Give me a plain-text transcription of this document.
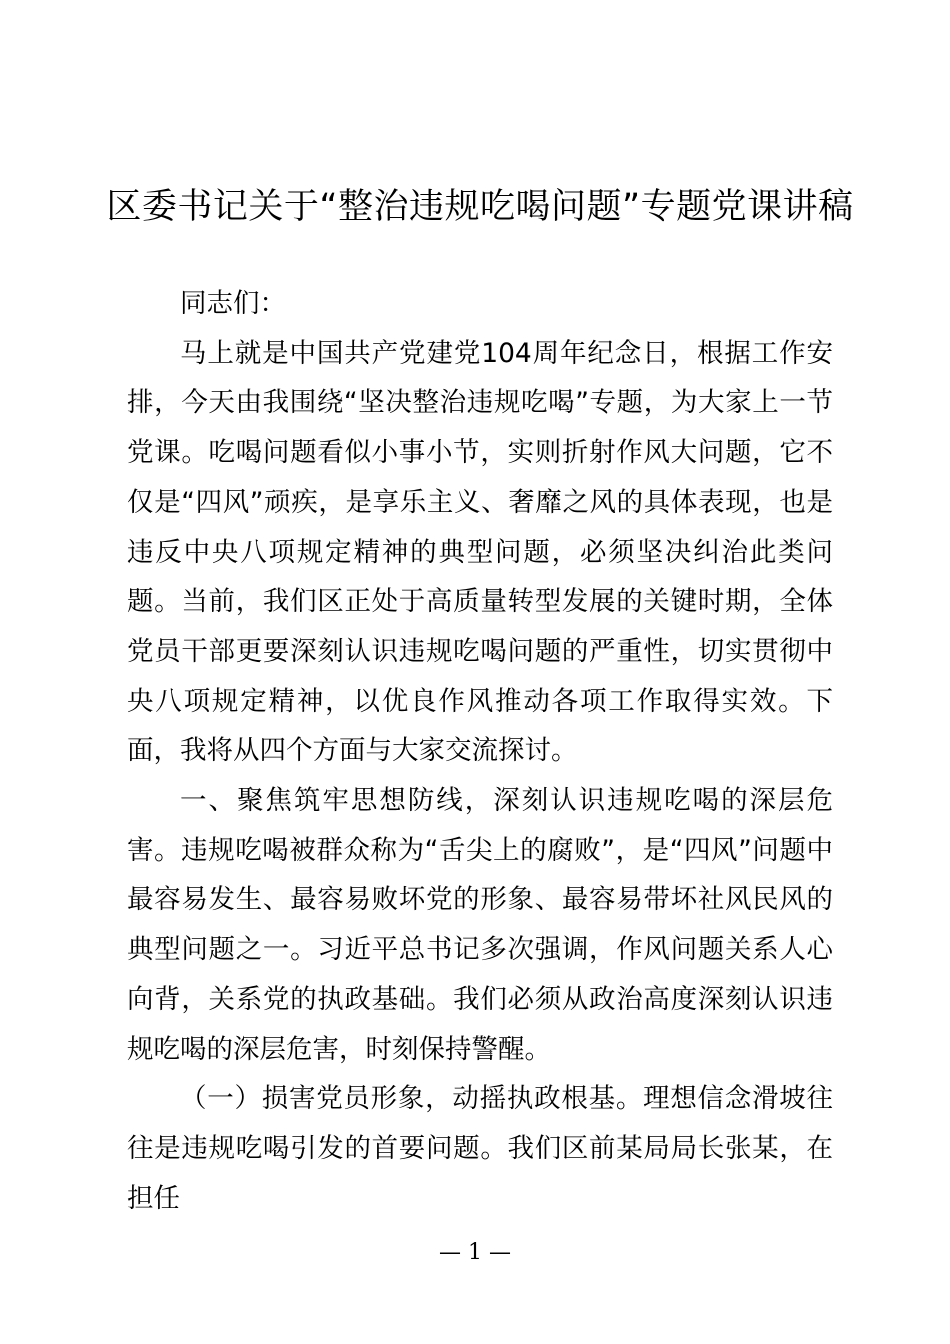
区委书记关于“整治违规吃喝问题”专题党课讲稿

同志们：

马上就是中国共产党建党104周年纪念日，根据工作安排，今天由我围绕“坚决整治违规吃喝”专题，为大家上一节党课。吃喝问题看似小事小节，实则折射作风大问题，它不仅是“四风”顽疾，是享乐主义、奢靡之风的具体表现，也是违反中央八项规定精神的典型问题，必须坚决纠治此类问题。当前，我们区正处于高质量转型发展的关键时期，全体党员干部更要深刻认识违规吃喝问题的严重性，切实贯彻中央八项规定精神，以优良作风推动各项工作取得实效。下面，我将从四个方面与大家交流探讨。

一、聚焦筑牢思想防线，深刻认识违规吃喝的深层危害。违规吃喝被群众称为“舌尖上的腐败”，是“四风”问题中最容易发生、最容易败坏党的形象、最容易带坏社风民风的典型问题之一。习近平总书记多次强调，作风问题关系人心向背，关系党的执政基础。我们必须从政治高度深刻认识违规吃喝的深层危害，时刻保持警醒。

（一）损害党员形象，动摇执政根基。理想信念滑坡往往是违规吃喝引发的首要问题。我们区前某局局长张某，在担任

— 1 —
